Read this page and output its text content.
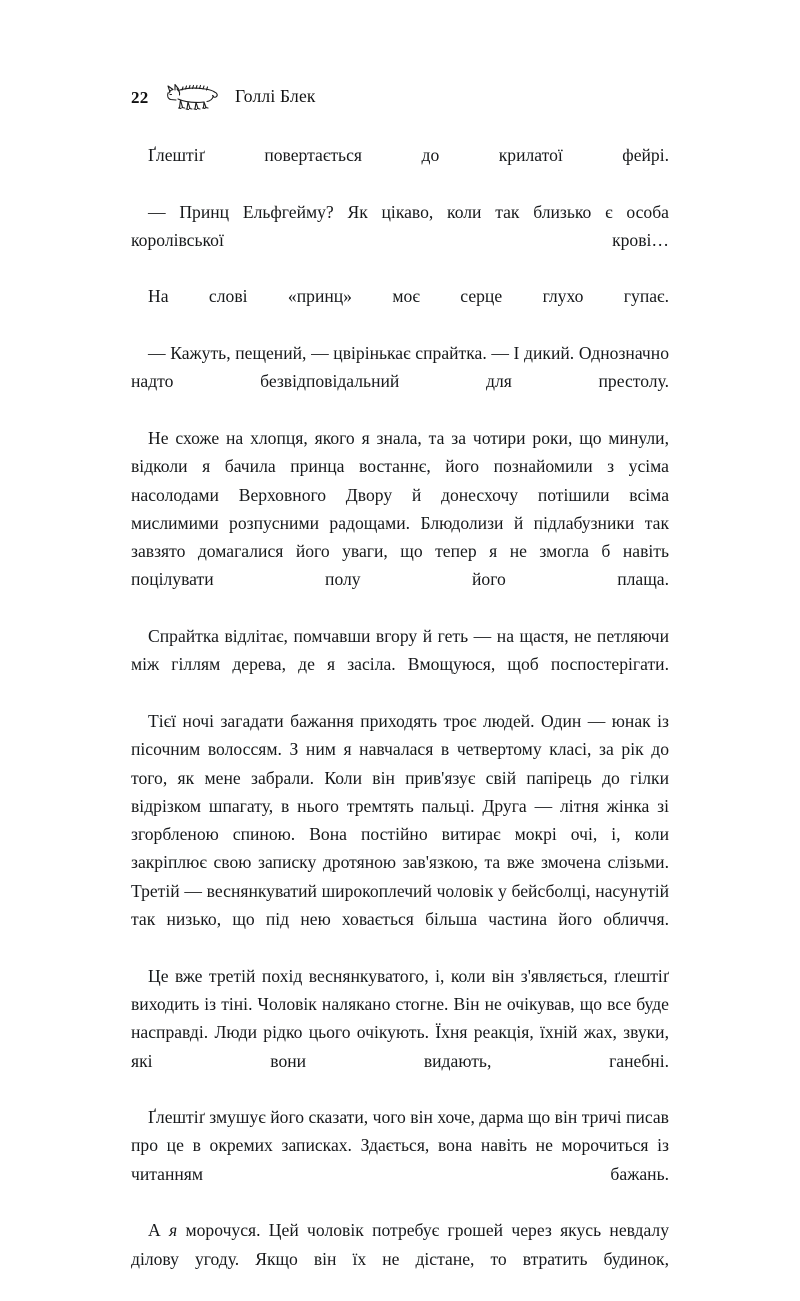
22	Голлі Блек

Ґлештіґ повертається до крилатої фейрі.

— Принц Ельфгейму? Як цікаво, коли так близько є особа королівської крові…

На слові «принц» моє серце глухо гупає.

— Кажуть, пещений, — цвірінькає спрайтка. — І дикий. Однозначно надто безвідповідальний для престолу.

Не схоже на хлопця, якого я знала, та за чотири роки, що минули, відколи я бачила принца востаннє, його познайомили з усіма насолодами Верховного Двору й донесхочу потішили всіма мислимими розпусними радощами. Блюдолизи й підлабузники так завзято домагалися його уваги, що тепер я не змогла б навіть поцілувати полу його плаща.

Спрайтка відлітає, помчавши вгору й геть — на щастя, не петляючи між гіллям дерева, де я засіла. Вмощуюся, щоб поспостерігати.

Тієї ночі загадати бажання приходять троє людей. Один — юнак із пісочним волоссям. З ним я навчалася в четвертому класі, за рік до того, як мене забрали. Коли він прив'язує свій папірець до гілки відрізком шпагату, в нього тремтять пальці. Друга — літня жінка зі згорбленою спиною. Вона постійно витирає мокрі очі, і, коли закріплює свою записку дротяною зав'язкою, та вже змочена слізьми. Третій — веснянкуватий широкоплечий чоловік у бейсболці, насунутій так низько, що під нею ховається більша частина його обличчя.

Це вже третій похід веснянкуватого, і, коли він з'являється, ґлештіґ виходить із тіні. Чоловік налякано стогне. Він не очікував, що все буде насправді. Люди рідко цього очікують. Їхня реакція, їхній жах, звуки, які вони видають, ганебні.

Ґлештіґ змушує його сказати, чого він хоче, дарма що він тричі писав про це в окремих записках. Здається, вона навіть не морочиться із читанням бажань.

А я морочуся. Цей чоловік потребує грошей через якусь невдалу ділову угоду. Якщо він їх не дістане, то втратить будинок,
